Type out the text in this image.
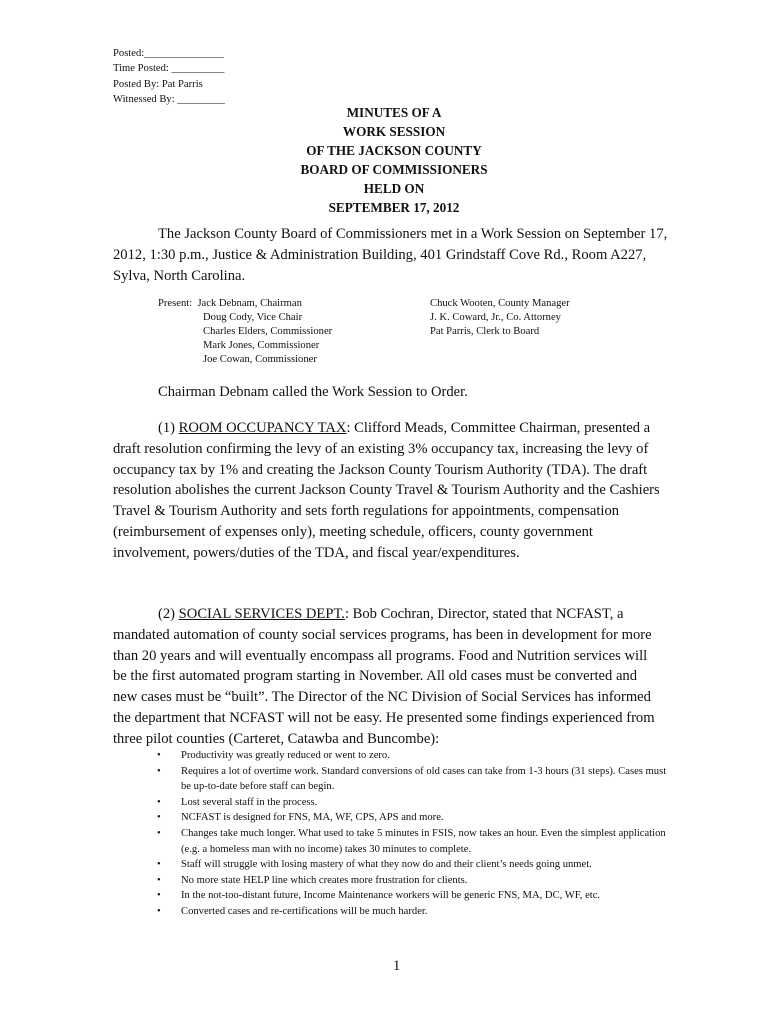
Posted:_______________
Time Posted: __________
Posted By: Pat Parris
Witnessed By: _________
MINUTES OF A
WORK SESSION
OF THE JACKSON COUNTY
BOARD OF COMMISSIONERS
HELD ON
SEPTEMBER 17, 2012

The Jackson County Board of Commissioners met in a Work Session on September 17, 2012, 1:30 p.m., Justice & Administration Building, 401 Grindstaff Cove Rd., Room A227, Sylva, North Carolina.

Present: Jack Debnam, Chairman
Doug Cody, Vice Chair
Charles Elders, Commissioner
Mark Jones, Commissioner
Joe Cowan, Commissioner
Chuck Wooten, County Manager
J. K. Coward, Jr., Co. Attorney
Pat Parris, Clerk to Board
Chairman Debnam called the Work Session to Order.

(1) ROOM OCCUPANCY TAX: Clifford Meads, Committee Chairman, presented a draft resolution confirming the levy of an existing 3% occupancy tax, increasing the levy of occupancy tax by 1% and creating the Jackson County Tourism Authority (TDA). The draft resolution abolishes the current Jackson County Travel & Tourism Authority and the Cashiers Travel & Tourism Authority and sets forth regulations for appointments, compensation (reimbursement of expenses only), meeting schedule, officers, county government involvement, powers/duties of the TDA, and fiscal year/expenditures.

(2) SOCIAL SERVICES DEPT.: Bob Cochran, Director, stated that NCFAST, a mandated automation of county social services programs, has been in development for more than 20 years and will eventually encompass all programs. Food and Nutrition services will be the first automated program starting in November. All old cases must be converted and new cases must be “built”. The Director of the NC Division of Social Services has informed the department that NCFAST will not be easy. He presented some findings experienced from three pilot counties (Carteret, Catawba and Buncombe):

• Productivity was greatly reduced or went to zero.
• Requires a lot of overtime work. Standard conversions of old cases can take from 1-3 hours (31 steps). Cases must be up-to-date before staff can begin.
• Lost several staff in the process.
• NCFAST is designed for FNS, MA, WF, CPS, APS and more.
• Changes take much longer. What used to take 5 minutes in FSIS, now takes an hour. Even the simplest application (e.g. a homeless man with no income) takes 30 minutes to complete.
• Staff will struggle with losing mastery of what they now do and their client’s needs going unmet.
• No more state HELP line which creates more frustration for clients.
• In the not-too-distant future, Income Maintenance workers will be generic FNS, MA, DC, WF, etc.
• Converted cases and re-certifications will be much harder.
1
